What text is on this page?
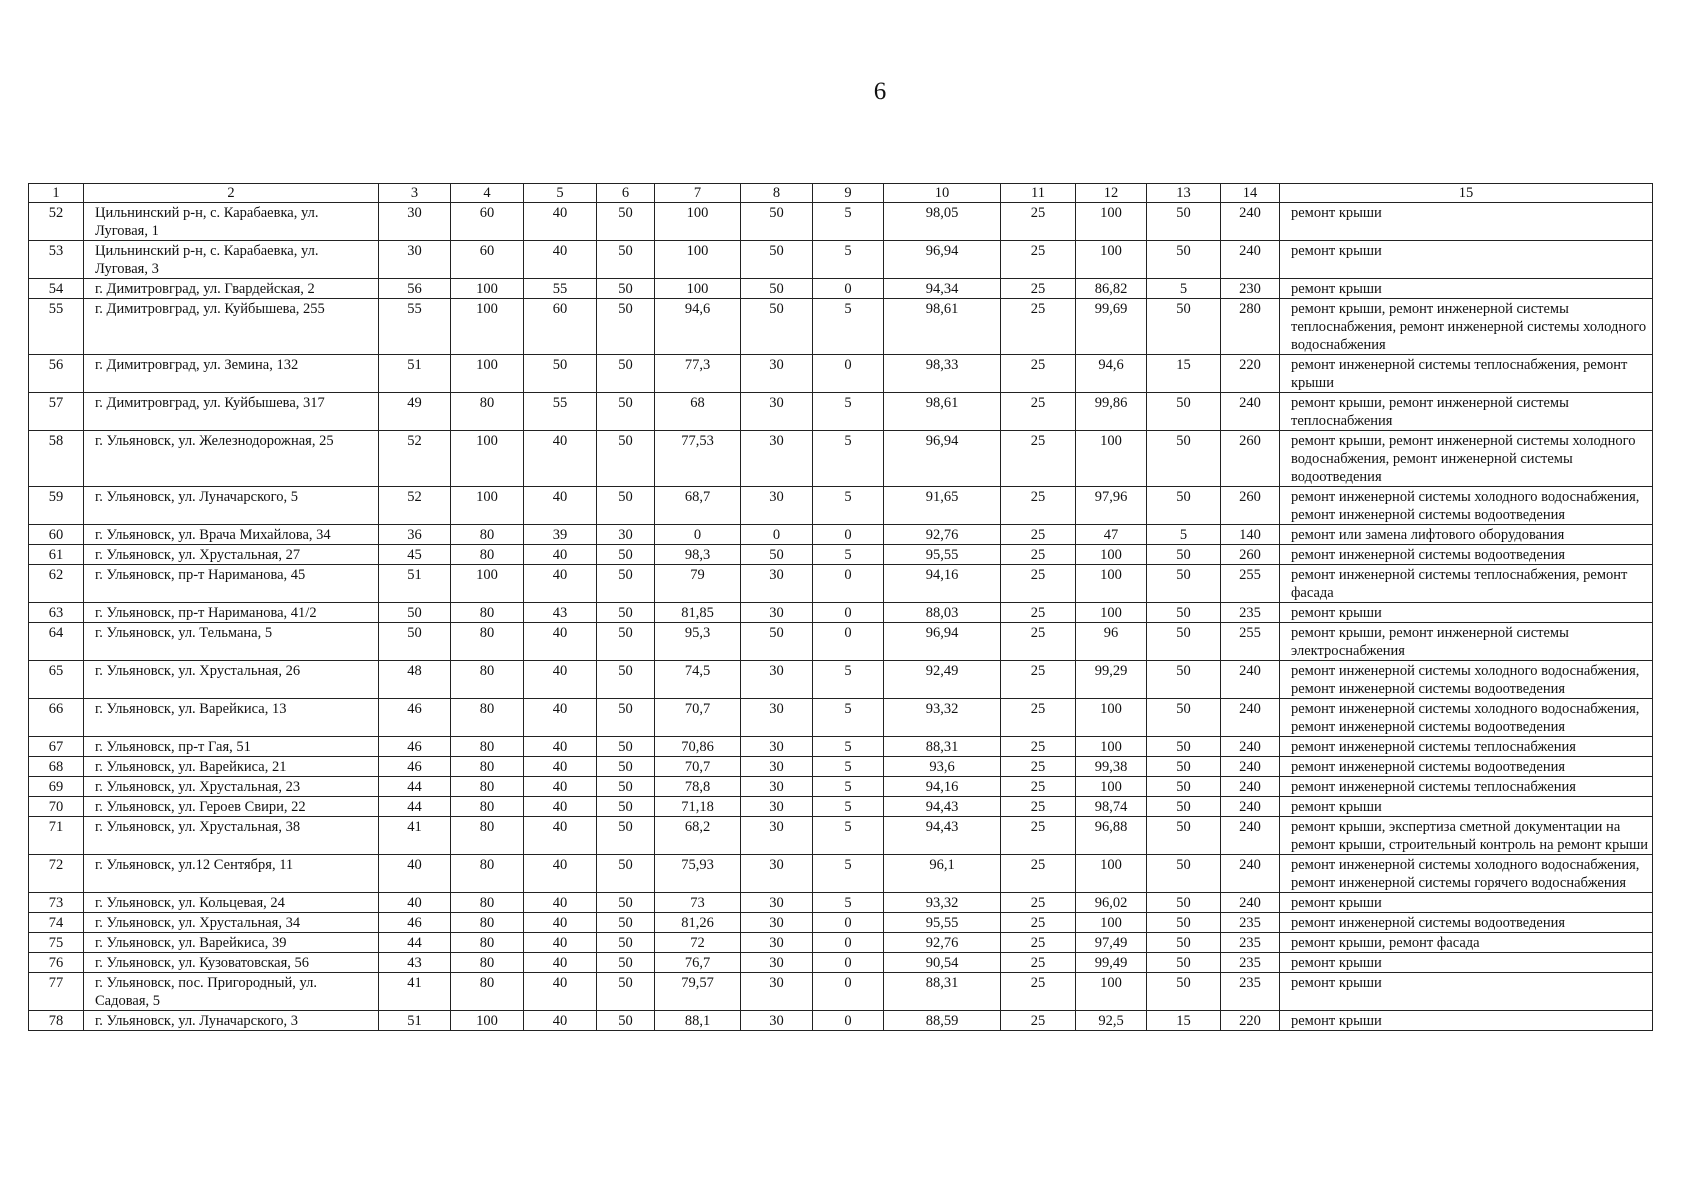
6
1	2	3	4	5	6	7	8	9	10	11	12	13	14	15
52	Цильнинский р-н, с. Карабаевка, ул. Луговая, 1	30	60	40	50	100	50	5	98,05	25	100	50	240	ремонт крыши
53	Цильнинский р-н, с. Карабаевка, ул. Луговая, 3	30	60	40	50	100	50	5	96,94	25	100	50	240	ремонт крыши
54	г. Димитровград, ул. Гвардейская, 2	56	100	55	50	100	50	0	94,34	25	86,82	5	230	ремонт крыши
55	г. Димитровград, ул. Куйбышева, 255	55	100	60	50	94,6	50	5	98,61	25	99,69	50	280	ремонт крыши, ремонт инженерной системы теплоснабжения, ремонт инженерной системы холодного водоснабжения
56	г. Димитровград, ул. Земина, 132	51	100	50	50	77,3	30	0	98,33	25	94,6	15	220	ремонт инженерной системы теплоснабжения, ремонт крыши
57	г. Димитровград, ул. Куйбышева, 317	49	80	55	50	68	30	5	98,61	25	99,86	50	240	ремонт крыши, ремонт инженерной системы теплоснабжения
58	г. Ульяновск, ул. Железнодорожная, 25	52	100	40	50	77,53	30	5	96,94	25	100	50	260	ремонт крыши, ремонт инженерной системы холодного водоснабжения, ремонт инженерной системы водоотведения
59	г. Ульяновск, ул. Луначарского, 5	52	100	40	50	68,7	30	5	91,65	25	97,96	50	260	ремонт инженерной системы холодного водоснабжения, ремонт инженерной системы водоотведения
60	г. Ульяновск, ул. Врача Михайлова, 34	36	80	39	30	0	0	0	92,76	25	47	5	140	ремонт или замена лифтового оборудования
61	г. Ульяновск, ул. Хрустальная, 27	45	80	40	50	98,3	50	5	95,55	25	100	50	260	ремонт инженерной системы водоотведения
62	г. Ульяновск, пр-т Нариманова, 45	51	100	40	50	79	30	0	94,16	25	100	50	255	ремонт инженерной системы теплоснабжения, ремонт фасада
63	г. Ульяновск, пр-т Нариманова, 41/2	50	80	43	50	81,85	30	0	88,03	25	100	50	235	ремонт крыши
64	г. Ульяновск, ул. Тельмана, 5	50	80	40	50	95,3	50	0	96,94	25	96	50	255	ремонт крыши, ремонт инженерной системы электроснабжения
65	г. Ульяновск, ул. Хрустальная, 26	48	80	40	50	74,5	30	5	92,49	25	99,29	50	240	ремонт инженерной системы холодного водоснабжения, ремонт инженерной системы водоотведения
66	г. Ульяновск, ул. Варейкиса, 13	46	80	40	50	70,7	30	5	93,32	25	100	50	240	ремонт инженерной системы холодного водоснабжения, ремонт инженерной системы водоотведения
67	г. Ульяновск, пр-т Гая, 51	46	80	40	50	70,86	30	5	88,31	25	100	50	240	ремонт инженерной системы теплоснабжения
68	г. Ульяновск, ул. Варейкиса, 21	46	80	40	50	70,7	30	5	93,6	25	99,38	50	240	ремонт инженерной системы водоотведения
69	г. Ульяновск, ул. Хрустальная, 23	44	80	40	50	78,8	30	5	94,16	25	100	50	240	ремонт инженерной системы теплоснабжения
70	г. Ульяновск, ул. Героев Свири, 22	44	80	40	50	71,18	30	5	94,43	25	98,74	50	240	ремонт крыши
71	г. Ульяновск, ул. Хрустальная, 38	41	80	40	50	68,2	30	5	94,43	25	96,88	50	240	ремонт крыши, экспертиза сметной документации на ремонт крыши, строительный контроль на ремонт крыши
72	г. Ульяновск, ул.12 Сентября, 11	40	80	40	50	75,93	30	5	96,1	25	100	50	240	ремонт инженерной системы холодного водоснабжения, ремонт инженерной системы горячего водоснабжения
73	г. Ульяновск, ул. Кольцевая, 24	40	80	40	50	73	30	5	93,32	25	96,02	50	240	ремонт крыши
74	г. Ульяновск, ул. Хрустальная, 34	46	80	40	50	81,26	30	0	95,55	25	100	50	235	ремонт инженерной системы водоотведения
75	г. Ульяновск, ул. Варейкиса, 39	44	80	40	50	72	30	0	92,76	25	97,49	50	235	ремонт крыши, ремонт фасада
76	г. Ульяновск, ул. Кузоватовская, 56	43	80	40	50	76,7	30	0	90,54	25	99,49	50	235	ремонт крыши
77	г. Ульяновск, пос. Пригородный, ул. Садовая, 5	41	80	40	50	79,57	30	0	88,31	25	100	50	235	ремонт крыши
78	г. Ульяновск, ул. Луначарского, 3	51	100	40	50	88,1	30	0	88,59	25	92,5	15	220	ремонт крыши
